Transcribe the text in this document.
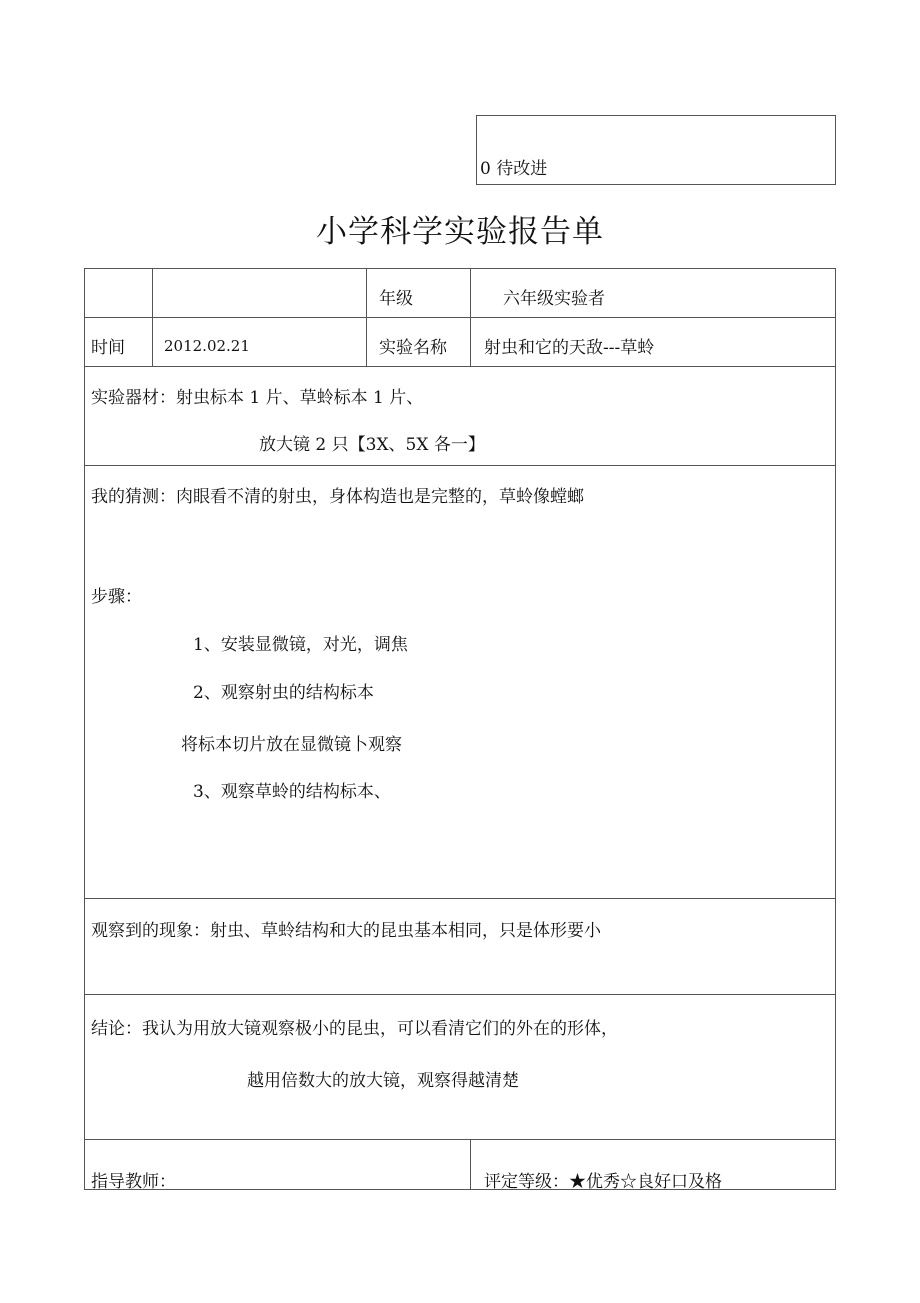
0 待改进
小学科学实验报告单
年级	六年级实验者
时间	2012.02.21	实验名称 射虫和它的天敌---草蛉
实验器材：射虫标本 1 片、草蛉标本 1 片、
放大镜 2 只【3X、5X 各一】
我的猜测：肉眼看不清的射虫，身体构造也是完整的，草蛉像螳螂
步骤：
1、安装显微镜，对光，调焦
2、观察射虫的结构标本
将标本切片放在显微镜卜观察
3、观察草蛉的结构标本、
观察到的现象：射虫、草蛉结构和大的昆虫基本相同，只是体形要小
结论：我认为用放大镜观察极小的昆虫，可以看清它们的外在的形体，
越用倍数大的放大镜，观察得越清楚
指导教师：	评定等级：★优秀☆良好口及格
